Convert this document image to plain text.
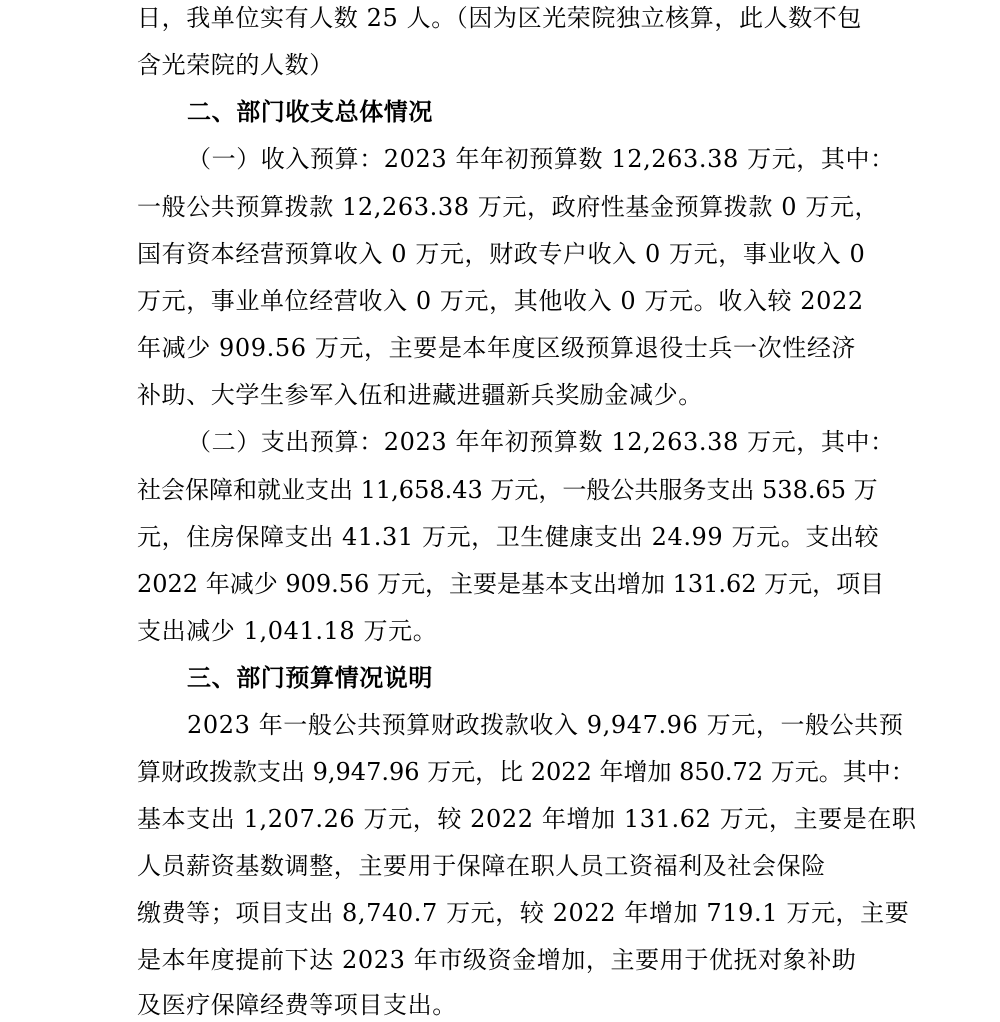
日，我单位实有人数 25 人。（因为区光荣院独立核算，此人数不包
含光荣院的人数）
二、部门收支总体情况
（一）收入预算：2023 年年初预算数 12,263.38 万元，其中：
一般公共预算拨款 12,263.38 万元，政府性基金预算拨款 0 万元，
国有资本经营预算收入 0 万元，财政专户收入 0 万元，事业收入 0
万元，事业单位经营收入 0 万元，其他收入 0 万元。收入较 2022
年减少 909.56 万元，主要是本年度区级预算退役士兵一次性经济
补助、大学生参军入伍和进藏进疆新兵奖励金减少。
（二）支出预算：2023 年年初预算数 12,263.38 万元，其中：
社会保障和就业支出 11,658.43 万元，一般公共服务支出 538.65 万
元，住房保障支出 41.31 万元，卫生健康支出 24.99 万元。支出较
2022 年减少 909.56 万元，主要是基本支出增加 131.62 万元，项目
支出减少 1,041.18 万元。
三、部门预算情况说明
2023 年一般公共预算财政拨款收入 9,947.96 万元，一般公共预
算财政拨款支出 9,947.96 万元，比 2022 年增加 850.72 万元。其中：
基本支出 1,207.26 万元，较 2022 年增加 131.62 万元，主要是在职
人员薪资基数调整，主要用于保障在职人员工资福利及社会保险
缴费等；项目支出 8,740.7 万元，较 2022 年增加 719.1 万元，主要
是本年度提前下达 2023 年市级资金增加，主要用于优抚对象补助
及医疗保障经费等项目支出。
